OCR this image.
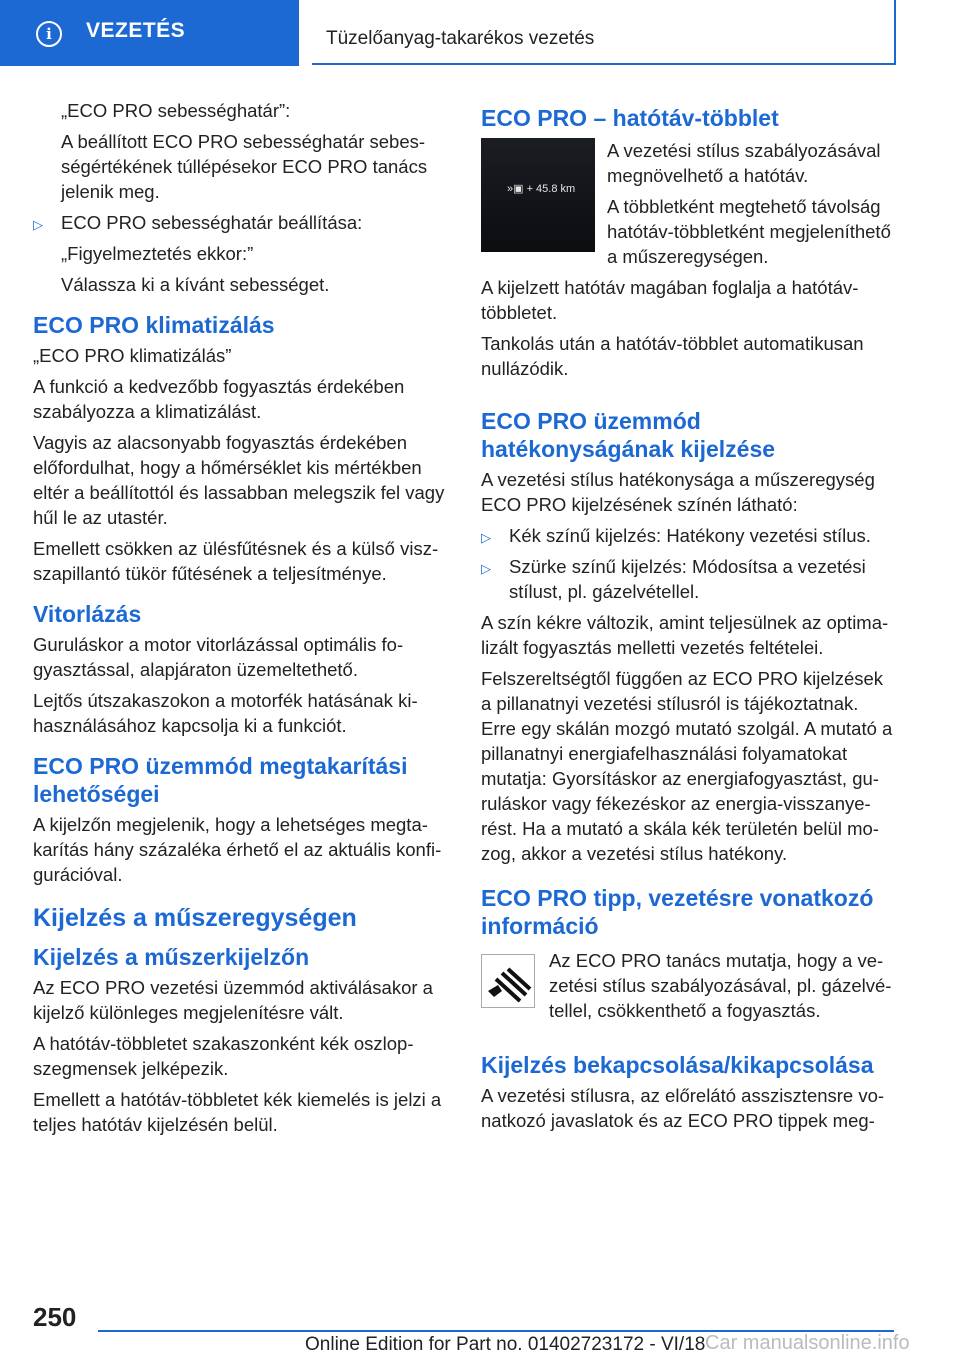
i	VEZETÉS	Tüzelőanyag-takarékos vezetés

„ECO PRO sebességhatár”:

A beállított ECO PRO sebességhatár sebességértékének túllépésekor ECO PRO tanács jelenik meg.

▷ ECO PRO sebességhatár beállítása:

„Figyelmeztetés ekkor:”

Válassza ki a kívánt sebességet.

ECO PRO klimatizálás

„ECO PRO klimatizálás”

A funkció a kedvezőbb fogyasztás érdekében szabályozza a klimatizálást.

Vagyis az alacsonyabb fogyasztás érdekében előfordulhat, hogy a hőmérséklet kis mértékben eltér a beállítottól és lassabban melegszik fel vagy hűl le az utastér.

Emellett csökken az ülésfűtésnek és a külső viszszapillantó tükör fűtésének a teljesítménye.

Vitorlázás

Guruláskor a motor vitorlázással optimális fogyasztással, alapjáraton üzemeltethető.

Lejtős útszakaszokon a motorfék hatásának kihasználásához kapcsolja ki a funkciót.

ECO PRO üzemmód megtakarítási lehetőségei

A kijelzőn megjelenik, hogy a lehetséges megtakarítás hány százaléka érhető el az aktuális konfigurációval.

Kijelzés a műszeregységen
Kijelzés a műszerkijelzőn

Az ECO PRO vezetési üzemmód aktiválásakor a kijelző különleges megjelenítésre vált.

A hatótáv-többletet szakaszonként kék oszlopszegmensek jelképezik.

Emellett a hatótáv-többletet kék kiemelés is jelzi a teljes hatótáv kijelzésén belül.

ECO PRO – hatótáv-többlet
»▣ + 45.8 km

A vezetési stílus szabályozásával megnövelhető a hatótáv.

A többletként megtehető távolság hatótáv-többletként megjeleníthető a műszeregységen.

A kijelzett hatótáv magában foglalja a hatótáv-többletet.

Tankolás után a hatótáv-többlet automatikusan nullázódik.

ECO PRO üzemmód hatékonyságának kijelzése

A vezetési stílus hatékonysága a műszeregység ECO PRO kijelzésének színén látható:

▷ Kék színű kijelzés: Hatékony vezetési stílus.

▷ Szürke színű kijelzés: Módosítsa a vezetési stílust, pl. gázelvétellel.

A szín kékre változik, amint teljesülnek az optimalizált fogyasztás melletti vezetés feltételei.

Felszereltségtől függően az ECO PRO kijelzések a pillanatnyi vezetési stílusról is tájékoztatnak. Erre egy skálán mozgó mutató szolgál. A mutató a pillanatnyi energiafelhasználási folyamatokat mutatja: Gyorsításkor az energiafogyasztást, guruláskor vagy fékezéskor az energia-visszanyerést. Ha a mutató a skála kék területén belül mozog, akkor a vezetési stílus hatékony.

ECO PRO tipp, vezetésre vonatkozó információ

Az ECO PRO tanács mutatja, hogy a vezetési stílus szabályozásával, pl. gázelvétellel, csökkenthető a fogyasztás.

Kijelzés bekapcsolása/kikapcsolása

A vezetési stílusra, az előrelátó asszisztensre vonatkozó javaslatok és az ECO PRO tippek meg-

250
Online Edition for Part no. 01402723172 - VI/18 Car manualsonline.info
